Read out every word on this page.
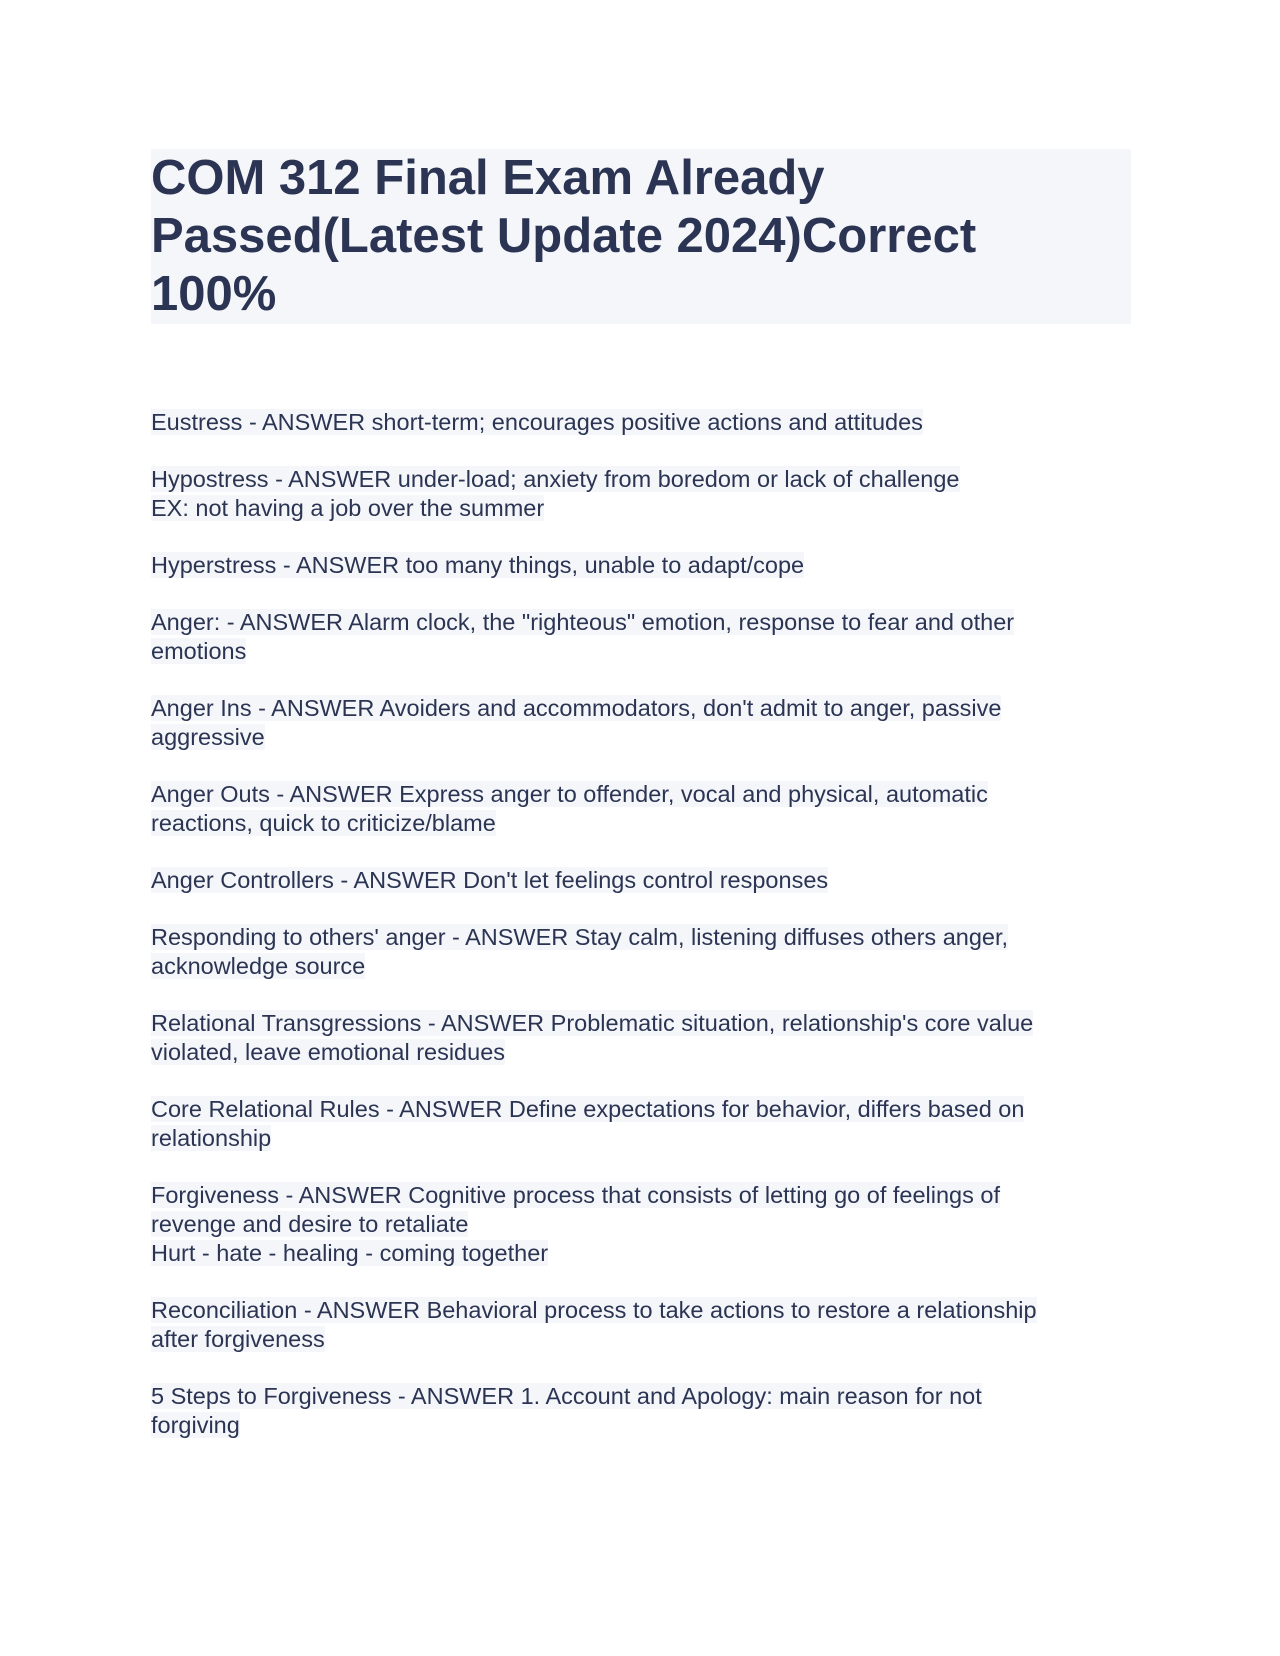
COM 312 Final Exam Already
Passed(Latest Update 2024)Correct
100%

Eustress - ANSWER short-term; encourages positive actions and attitudes

Hypostress - ANSWER under-load; anxiety from boredom or lack of challenge
EX: not having a job over the summer

Hyperstress - ANSWER too many things, unable to adapt/cope

Anger: - ANSWER Alarm clock, the "righteous" emotion, response to fear and other
emotions

Anger Ins - ANSWER Avoiders and accommodators, don't admit to anger, passive
aggressive

Anger Outs - ANSWER Express anger to offender, vocal and physical, automatic
reactions, quick to criticize/blame

Anger Controllers - ANSWER Don't let feelings control responses

Responding to others' anger - ANSWER Stay calm, listening diffuses others anger,
acknowledge source

Relational Transgressions - ANSWER Problematic situation, relationship's core value
violated, leave emotional residues

Core Relational Rules - ANSWER Define expectations for behavior, differs based on
relationship

Forgiveness - ANSWER Cognitive process that consists of letting go of feelings of
revenge and desire to retaliate
Hurt - hate - healing - coming together

Reconciliation - ANSWER Behavioral process to take actions to restore a relationship
after forgiveness

5 Steps to Forgiveness - ANSWER 1. Account and Apology: main reason for not
forgiving
